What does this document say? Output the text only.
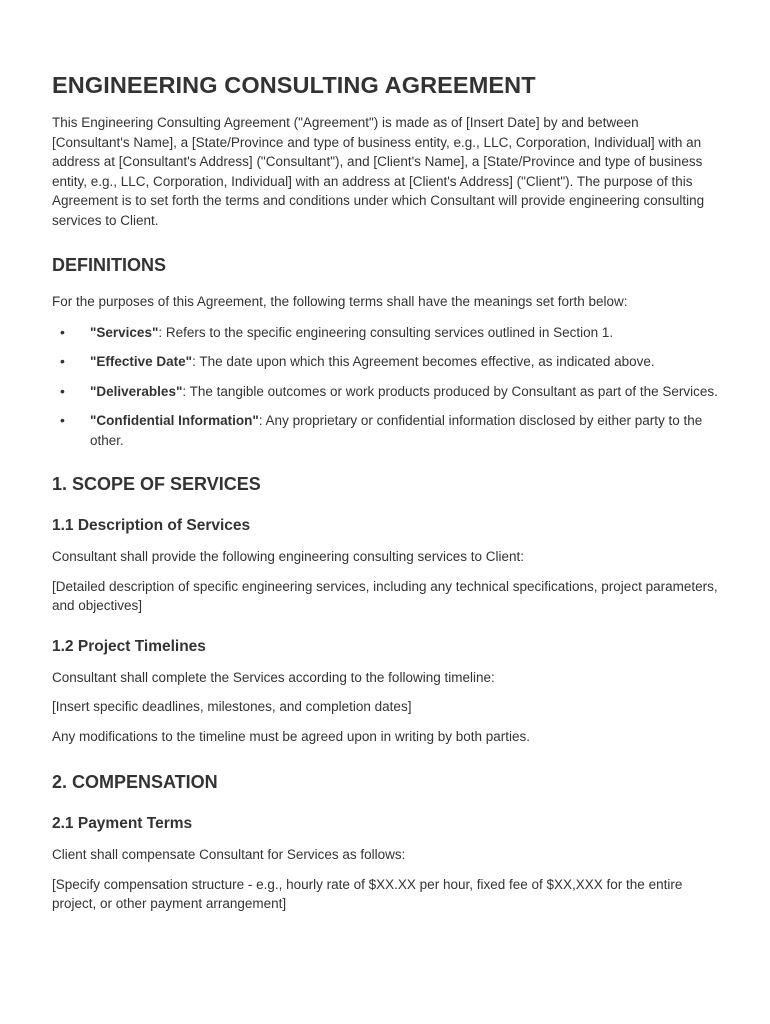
ENGINEERING CONSULTING AGREEMENT

This Engineering Consulting Agreement ("Agreement") is made as of [Insert Date] by and between [Consultant's Name], a [State/Province and type of business entity, e.g., LLC, Corporation, Individual] with an address at [Consultant's Address] ("Consultant"), and [Client's Name], a [State/Province and type of business entity, e.g., LLC, Corporation, Individual] with an address at [Client's Address] ("Client"). The purpose of this Agreement is to set forth the terms and conditions under which Consultant will provide engineering consulting services to Client.

DEFINITIONS

For the purposes of this Agreement, the following terms shall have the meanings set forth below:

• "Services": Refers to the specific engineering consulting services outlined in Section 1.
• "Effective Date": The date upon which this Agreement becomes effective, as indicated above.
• "Deliverables": The tangible outcomes or work products produced by Consultant as part of the Services.
• "Confidential Information": Any proprietary or confidential information disclosed by either party to the other.
1. SCOPE OF SERVICES
1.1 Description of Services

Consultant shall provide the following engineering consulting services to Client:

[Detailed description of specific engineering services, including any technical specifications, project parameters, and objectives]

1.2 Project Timelines

Consultant shall complete the Services according to the following timeline:

[Insert specific deadlines, milestones, and completion dates]

Any modifications to the timeline must be agreed upon in writing by both parties.

2. COMPENSATION
2.1 Payment Terms

Client shall compensate Consultant for Services as follows:

[Specify compensation structure - e.g., hourly rate of $XX.XX per hour, fixed fee of $XX,XXX for the entire project, or other payment arrangement]
